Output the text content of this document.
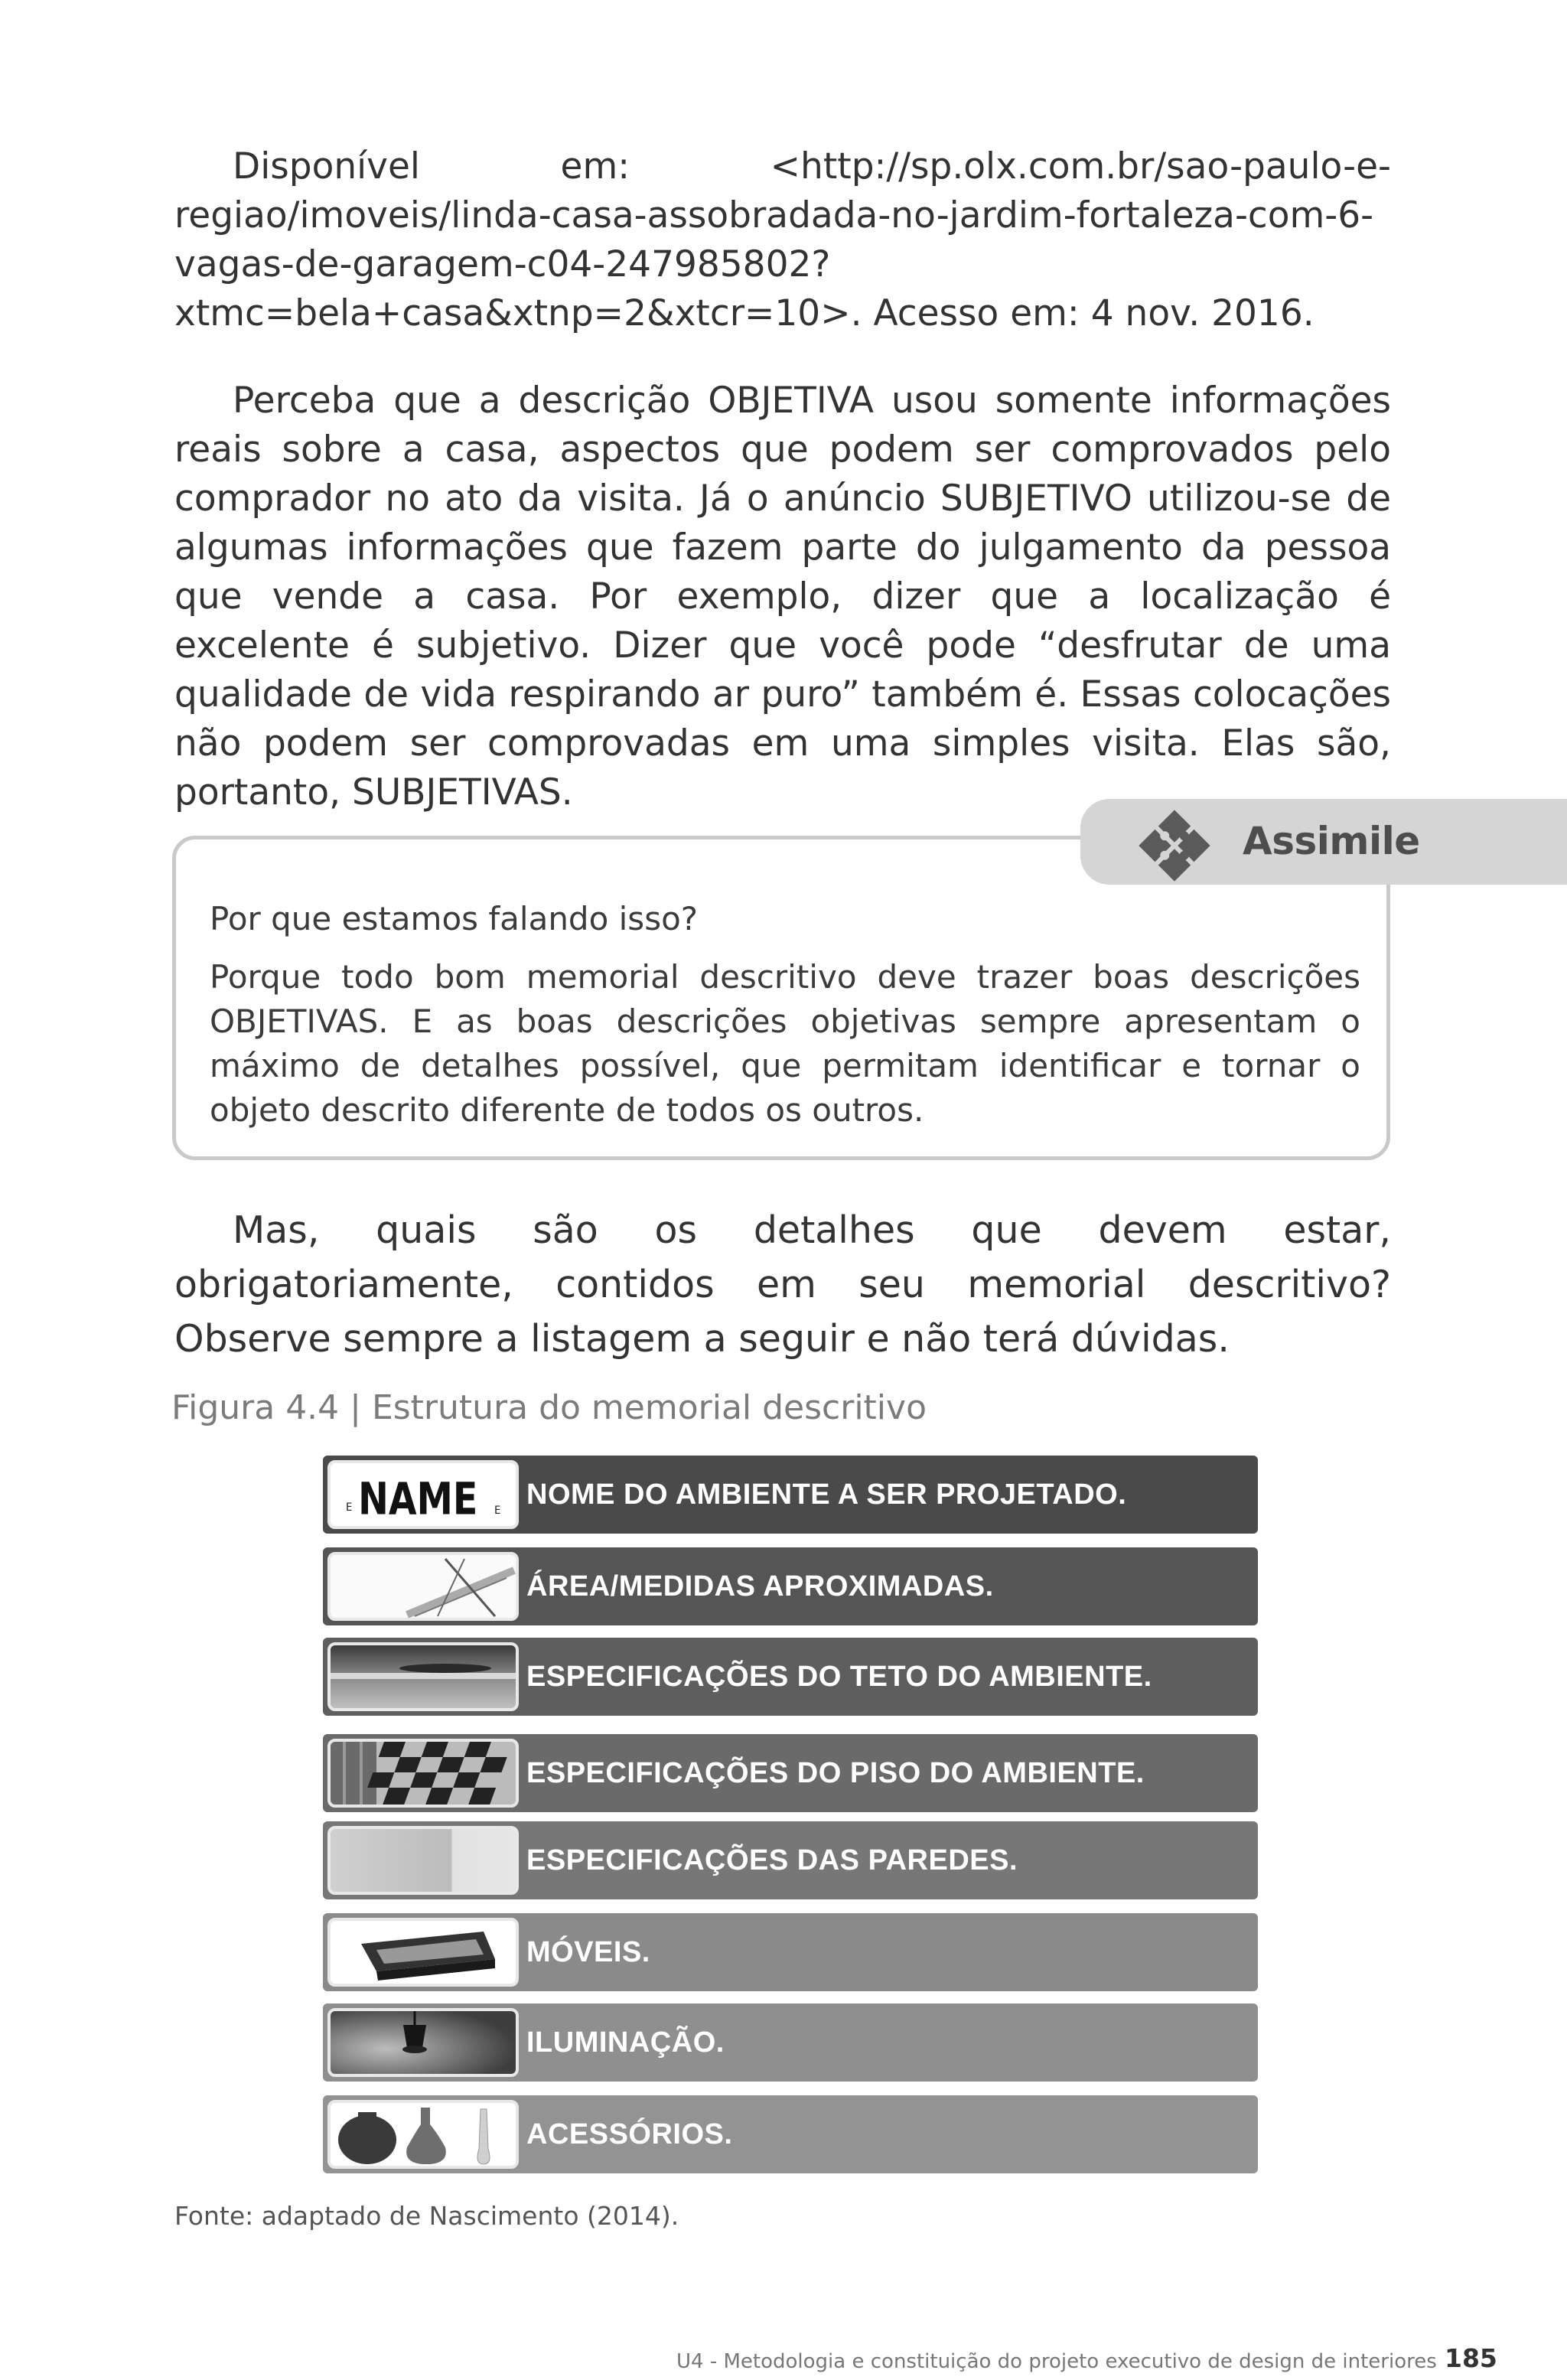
Disponível em: <http://sp.olx.com.br/sao-paulo-e-regiao/imoveis/linda-casa-assobradada-no-jardim-fortaleza-com-6-vagas-de-garagem-c04-247985802?xtmc=bela+casa&xtnp=2&xtcr=10>. Acesso em: 4 nov. 2016.

Perceba que a descrição OBJETIVA usou somente informações reais sobre a casa, aspectos que podem ser comprovados pelo comprador no ato da visita. Já o anúncio SUBJETIVO utilizou-se de algumas informações que fazem parte do julgamento da pessoa que vende a casa. Por exemplo, dizer que a localização é excelente é subjetivo. Dizer que você pode “desfrutar de uma qualidade de vida respirando ar puro” também é. Essas colocações não podem ser comprovadas em uma simples visita. Elas são, portanto, SUBJETIVAS.

Assimile

Por que estamos falando isso?

Porque todo bom memorial descritivo deve trazer boas descrições OBJETIVAS. E as boas descrições objetivas sempre apresentam o máximo de detalhes possível, que permitam identificar e tornar o objeto descrito diferente de todos os outros.

Mas, quais são os detalhes que devem estar, obrigatoriamente, contidos em seu memorial descritivo? Observe sempre a listagem a seguir e não terá dúvidas.

Figura 4.4 | Estrutura do memorial descritivo
E NAME E NOME DO AMBIENTE A SER PROJETADO.
ÁREA/MEDIDAS APROXIMADAS.
ESPECIFICAÇÕES DO TETO DO AMBIENTE.
ESPECIFICAÇÕES DO PISO DO AMBIENTE.
ESPECIFICAÇÕES DAS PAREDES.
MÓVEIS.
ILUMINAÇÃO.
ACESSÓRIOS.
Fonte: adaptado de Nascimento (2014).
U4 - Metodologia e constituição do projeto executivo de design de interiores 185
